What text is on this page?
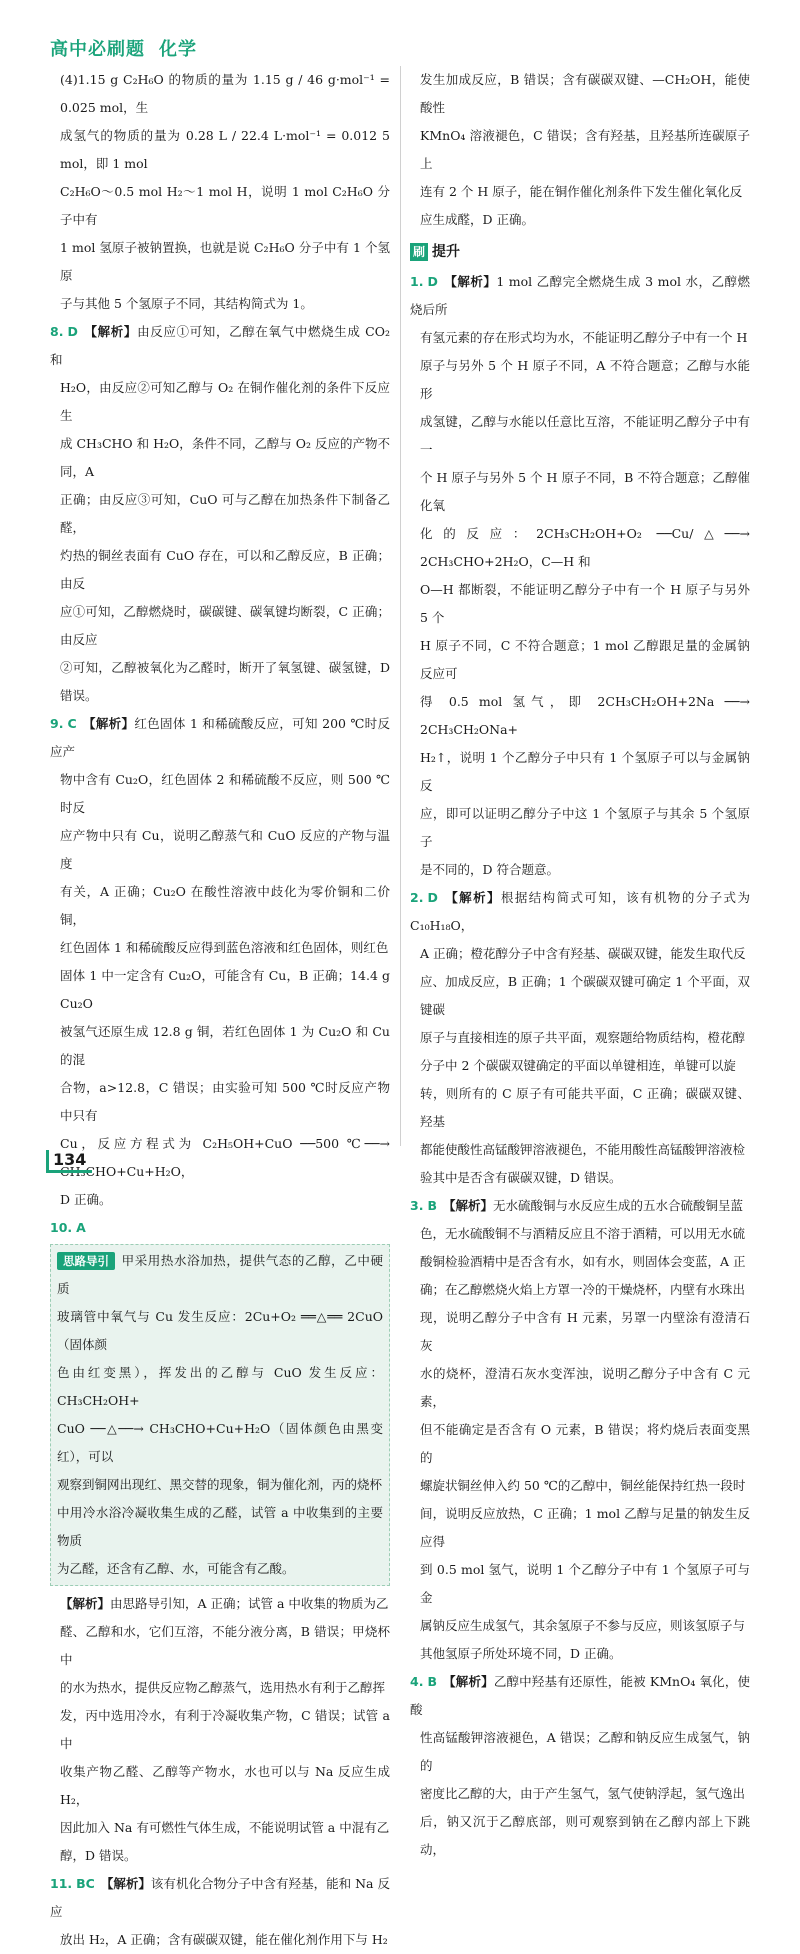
高中必刷题 化学

(4)1.15 g C₂H₆O 的物质的量为 1.15 g / 46 g·mol⁻¹ = 0.025 mol，生

成氢气的物质的量为 0.28 L / 22.4 L·mol⁻¹ = 0.012 5 mol，即 1 mol

C₂H₆O～0.5 mol H₂～1 mol H，说明 1 mol C₂H₆O 分子中有

1 mol 氢原子被钠置换，也就是说 C₂H₆O 分子中有 1 个氢原

子与其他 5 个氢原子不同，其结构简式为 1。

8. D 【解析】由反应①可知，乙醇在氧气中燃烧生成 CO₂ 和

H₂O，由反应②可知乙醇与 O₂ 在铜作催化剂的条件下反应生

成 CH₃CHO 和 H₂O，条件不同，乙醇与 O₂ 反应的产物不同，A

正确；由反应③可知，CuO 可与乙醇在加热条件下制备乙醛，

灼热的铜丝表面有 CuO 存在，可以和乙醇反应，B 正确；由反

应①可知，乙醇燃烧时，碳碳键、碳氧键均断裂，C 正确；由反应

②可知，乙醇被氧化为乙醛时，断开了氧氢键、碳氢键，D 错误。

9. C 【解析】红色固体 1 和稀硫酸反应，可知 200 ℃时反应产

物中含有 Cu₂O，红色固体 2 和稀硫酸不反应，则 500 ℃时反

应产物中只有 Cu，说明乙醇蒸气和 CuO 反应的产物与温度

有关，A 正确；Cu₂O 在酸性溶液中歧化为零价铜和二价铜，

红色固体 1 和稀硫酸反应得到蓝色溶液和红色固体，则红色

固体 1 中一定含有 Cu₂O，可能含有 Cu，B 正确；14.4 g Cu₂O

被氢气还原生成 12.8 g 铜，若红色固体 1 为 Cu₂O 和 Cu 的混

合物，a>12.8，C 错误；由实验可知 500 ℃时反应产物中只有

Cu，反应方程式为 C₂H₅OH+CuO ──500 ℃──→ CH₃CHO+Cu+H₂O，

D 正确。

10. A

思路导引 甲采用热水浴加热，提供气态的乙醇，乙中硬质

玻璃管中氧气与 Cu 发生反应：2Cu+O₂ ══△══ 2CuO（固体颜

色由红变黑），挥发出的乙醇与 CuO 发生反应：CH₃CH₂OH+

CuO ──△──→ CH₃CHO+Cu+H₂O（固体颜色由黑变红），可以

观察到铜网出现红、黑交替的现象，铜为催化剂，丙的烧杯

中用冷水浴冷凝收集生成的乙醛，试管 a 中收集到的主要物质

为乙醛，还含有乙醇、水，可能含有乙酸。

【解析】由思路导引知，A 正确；试管 a 中收集的物质为乙

醛、乙醇和水，它们互溶，不能分液分离，B 错误；甲烧杯中

的水为热水，提供反应物乙醇蒸气，选用热水有利于乙醇挥

发，丙中选用冷水，有利于冷凝收集产物，C 错误；试管 a 中

收集产物乙醛、乙醇等产物水，水也可以与 Na 反应生成 H₂，

因此加入 Na 有可燃性气体生成，不能说明试管 a 中混有乙

醇，D 错误。

11. BC 【解析】该有机化合物分子中含有羟基，能和 Na 反应

放出 H₂，A 正确；含有碳碳双键，能在催化剂作用下与 H₂

发生加成反应，B 错误；含有碳碳双键、—CH₂OH，能使酸性

KMnO₄ 溶液褪色，C 错误；含有羟基，且羟基所连碳原子上

连有 2 个 H 原子，能在铜作催化剂条件下发生催化氧化反

应生成醛，D 正确。

刷 提升

1. D 【解析】1 mol 乙醇完全燃烧生成 3 mol 水，乙醇燃烧后所

有氢元素的存在形式均为水，不能证明乙醇分子中有一个 H

原子与另外 5 个 H 原子不同，A 不符合题意；乙醇与水能形

成氢键，乙醇与水能以任意比互溶，不能证明乙醇分子中有一

个 H 原子与另外 5 个 H 原子不同，B 不符合题意；乙醇催化氧

化的反应：2CH₃CH₂OH+O₂ ──Cu/△──→ 2CH₃CHO+2H₂O，C—H 和

O—H 都断裂，不能证明乙醇分子中有一个 H 原子与另外 5 个

H 原子不同，C 不符合题意；1 mol 乙醇跟足量的金属钠反应可

得 0.5 mol 氢气，即 2CH₃CH₂OH+2Na ──→ 2CH₃CH₂ONa+

H₂↑，说明 1 个乙醇分子中只有 1 个氢原子可以与金属钠反

应，即可以证明乙醇分子中这 1 个氢原子与其余 5 个氢原子

是不同的，D 符合题意。

2. D 【解析】根据结构简式可知，该有机物的分子式为 C₁₀H₁₈O，

A 正确；橙花醇分子中含有羟基、碳碳双键，能发生取代反

应、加成反应，B 正确；1 个碳碳双键可确定 1 个平面，双键碳

原子与直接相连的原子共平面，观察题给物质结构，橙花醇

分子中 2 个碳碳双键确定的平面以单键相连，单键可以旋

转，则所有的 C 原子有可能共平面，C 正确；碳碳双键、羟基

都能使酸性高锰酸钾溶液褪色，不能用酸性高锰酸钾溶液检

验其中是否含有碳碳双键，D 错误。

3. B 【解析】无水硫酸铜与水反应生成的五水合硫酸铜呈蓝

色，无水硫酸铜不与酒精反应且不溶于酒精，可以用无水硫

酸铜检验酒精中是否含有水，如有水，则固体会变蓝，A 正

确；在乙醇燃烧火焰上方罩一冷的干燥烧杯，内壁有水珠出

现，说明乙醇分子中含有 H 元素，另罩一内壁涂有澄清石灰

水的烧杯，澄清石灰水变浑浊，说明乙醇分子中含有 C 元素，

但不能确定是否含有 O 元素，B 错误；将灼烧后表面变黑的

螺旋状铜丝伸入约 50 ℃的乙醇中，铜丝能保持红热一段时

间，说明反应放热，C 正确；1 mol 乙醇与足量的钠发生反应得

到 0.5 mol 氢气，说明 1 个乙醇分子中有 1 个氢原子可与金

属钠反应生成氢气，其余氢原子不参与反应，则该氢原子与

其他氢原子所处环境不同，D 正确。

4. B 【解析】乙醇中羟基有还原性，能被 KMnO₄ 氧化，使酸

性高锰酸钾溶液褪色，A 错误；乙醇和钠反应生成氢气，钠的

密度比乙醇的大，由于产生氢气，氢气使钠浮起，氢气逸出

后，钠又沉于乙醇底部，则可观察到钠在乙醇内部上下跳动，

134
